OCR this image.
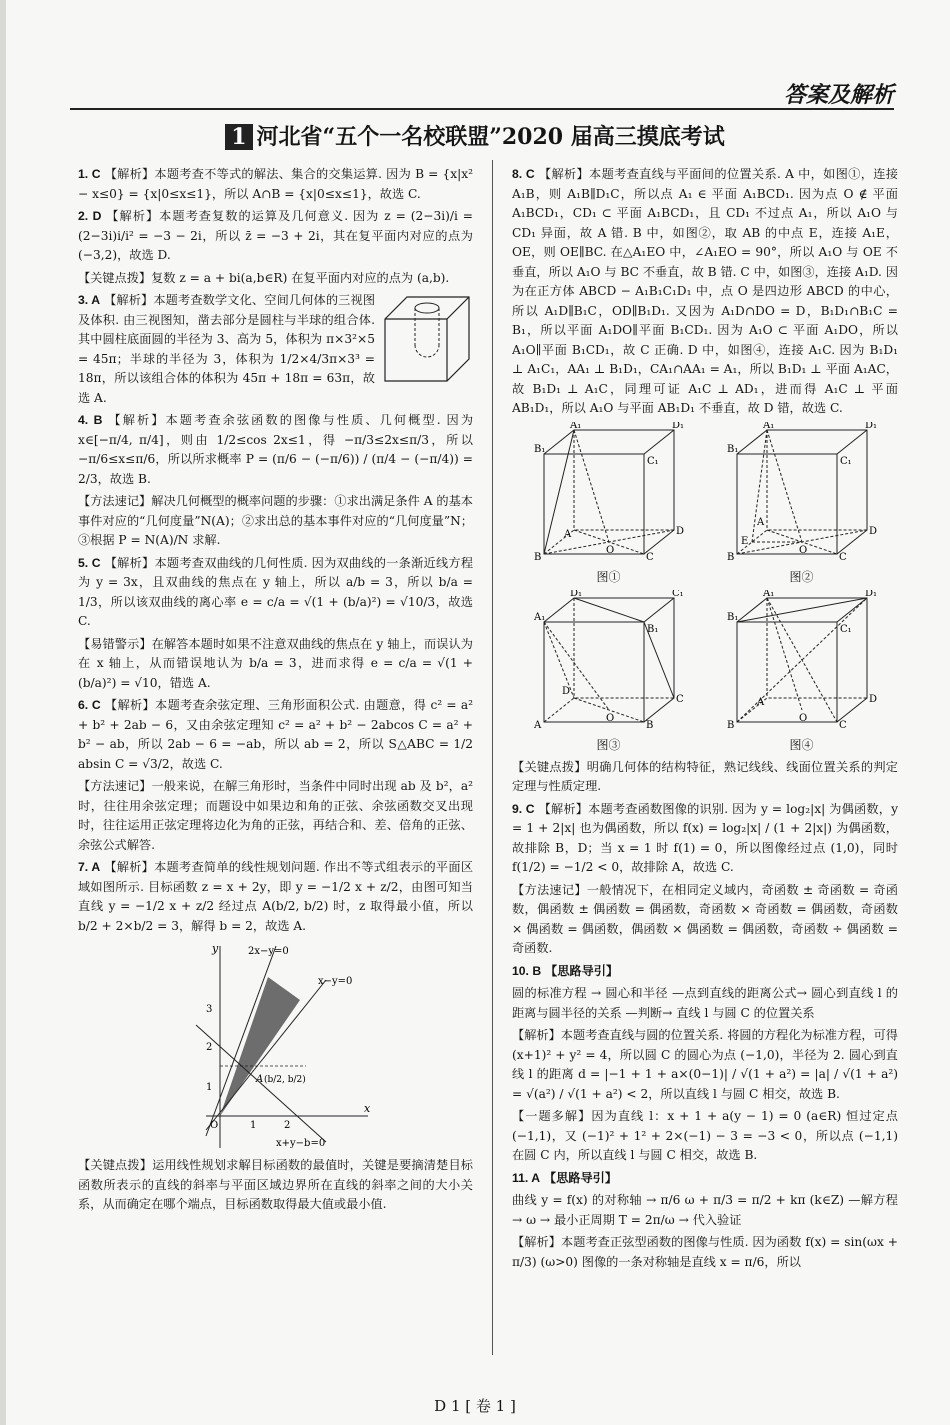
答案及解析
1 河北省“五个一名校联盟”2020 届高三摸底考试

1. C 【解析】本题考查不等式的解法、集合的交集运算. 因为 B = {x|x² − x≤0} = {x|0≤x≤1}，所以 A∩B = {x|0≤x≤1}，故选 C.

2. D 【解析】本题考查复数的运算及几何意义. 因为 z = (2−3i)/i = (2−3i)i/i² = −3 − 2i，所以 z̄ = −3 + 2i，其在复平面内对应的点为 (−3,2)，故选 D.

【关键点拨】复数 z = a + bi(a,b∈R) 在复平面内对应的点为 (a,b).

3. A 【解析】本题考查数学文化、空间几何体的三视图及体积. 由三视图知，凿去部分是圆柱与半球的组合体. 其中圆柱底面圆的半径为 3、高为 5，体积为 π×3²×5 = 45π；半球的半径为 3，体积为 1/2×4/3π×3³ = 18π，所以该组合体的体积为 45π + 18π = 63π，故选 A.

4. B 【解析】本题考查余弦函数的图像与性质、几何概型. 因为 x∈[−π/4, π/4]，则由 1/2≤cos 2x≤1，得 −π/3≤2x≤π/3，所以 −π/6≤x≤π/6，所以所求概率 P = (π/6 − (−π/6)) / (π/4 − (−π/4)) = 2/3，故选 B.

【方法速记】解决几何概型的概率问题的步骤：①求出满足条件 A 的基本事件对应的“几何度量”N(A)；②求出总的基本事件对应的“几何度量”N；③根据 P = N(A)/N 求解.

5. C 【解析】本题考查双曲线的几何性质. 因为双曲线的一条渐近线方程为 y = 3x，且双曲线的焦点在 y 轴上，所以 a/b = 3，所以 b/a = 1/3，所以该双曲线的离心率 e = c/a = √(1 + (b/a)²) = √10/3，故选 C.

【易错警示】在解答本题时如果不注意双曲线的焦点在 y 轴上，而误认为在 x 轴上，从而错误地认为 b/a = 3，进而求得 e = c/a = √(1 + (b/a)²) = √10，错选 A.

6. C 【解析】本题考查余弦定理、三角形面积公式. 由题意，得 c² = a² + b² + 2ab − 6，又由余弦定理知 c² = a² + b² − 2abcos C = a² + b² − ab，所以 2ab − 6 = −ab，所以 ab = 2，所以 S△ABC = 1/2 absin C = √3/2，故选 C.

【方法速记】一般来说，在解三角形时，当条件中同时出现 ab 及 b²，a² 时，往往用余弦定理；而题设中如果边和角的正弦、余弦函数交叉出现时，往往运用正弦定理将边化为角的正弦，再结合和、差、倍角的正弦、余弦公式解答.

7. A 【解析】本题考查简单的线性规划问题. 作出不等式组表示的平面区域如图所示. 目标函数 z = x + 2y，即 y = −1/2 x + z/2，由图可知当直线 y = −1/2 x + z/2 经过点 A(b/2, b/2) 时，z 取得最小值，所以 b/2 + 2×b/2 = 3，解得 b = 2，故选 A.

y
x
O	1	2
3
1
2
2x−y=0
x−y=0
x+y−b=0
A (b/2, b/2)

【关键点拨】运用线性规划求解目标函数的最值时，关键是要摘清楚目标函数所表示的直线的斜率与平面区域边界所在直线的斜率之间的大小关系，从而确定在哪个端点，目标函数取得最大值或最小值.

8. C 【解析】本题考查直线与平面间的位置关系. A 中，如图①，连接 A₁B，则 A₁B∥D₁C，所以点 A₁ ∈ 平面 A₁BCD₁. 因为点 O ∉ 平面 A₁BCD₁，CD₁ ⊂ 平面 A₁BCD₁，且 CD₁ 不过点 A₁，所以 A₁O 与 CD₁ 异面，故 A 错. B 中，如图②，取 AB 的中点 E，连接 A₁E，OE，则 OE∥BC. 在△A₁EO 中，∠A₁EO = 90°，所以 A₁O 与 OE 不垂直，所以 A₁O 与 BC 不垂直，故 B 错. C 中，如图③，连接 A₁D. 因为在正方体 ABCD − A₁B₁C₁D₁ 中，点 O 是四边形 ABCD 的中心，所以 A₁D∥B₁C，OD∥B₁D₁. 又因为 A₁D∩DO = D，B₁D₁∩B₁C = B₁，所以平面 A₁DO∥平面 B₁CD₁. 因为 A₁O ⊂ 平面 A₁DO，所以 A₁O∥平面 B₁CD₁，故 C 正确. D 中，如图④，连接 A₁C. 因为 B₁D₁ ⊥ A₁C₁，AA₁ ⊥ B₁D₁，CA₁∩AA₁ = A₁，所以 B₁D₁ ⊥ 平面 A₁AC，故 B₁D₁ ⊥ A₁C，同理可证 A₁C ⊥ AD₁，进而得 A₁C ⊥ 平面 AB₁D₁，所以 A₁O 与平面 AB₁D₁ 不垂直，故 D 错，故选 C.

A₁	D₁
B₁
C₁
D
O
A
B	C
图①
A₁	D₁
B₁
C₁
D
E
O
A
B	C
图②
D₁	C₁
A₁
B₁
D
C
O
A	B
图③
A₁	D₁
B₁
C₁
D
O
A
B	C
图④

【关键点拨】明确几何体的结构特征，熟记线线、线面位置关系的判定定理与性质定理.

9. C 【解析】本题考查函数图像的识别. 因为 y = log₂|x| 为偶函数，y = 1 + 2|x| 也为偶函数，所以 f(x) = log₂|x| / (1 + 2|x|) 为偶函数，故排除 B，D；当 x = 1 时 f(1) = 0，所以图像经过点 (1,0)，同时 f(1/2) = −1/2 < 0，故排除 A，故选 C.

【方法速记】一般情况下，在相同定义域内，奇函数 ± 奇函数 = 奇函数，偶函数 ± 偶函数 = 偶函数，奇函数 × 奇函数 = 偶函数，奇函数 × 偶函数 = 偶函数，偶函数 × 偶函数 = 偶函数，奇函数 ÷ 偶函数 = 奇函数.

10. B 【思路导引】

圆的标准方程 → 圆心和半径 —点到直线的距离公式→ 圆心到直线 l 的距离与圆半径的关系 —判断→ 直线 l 与圆 C 的位置关系

【解析】本题考查直线与圆的位置关系. 将圆的方程化为标准方程，可得 (x+1)² + y² = 4，所以圆 C 的圆心为点 (−1,0)，半径为 2. 圆心到直线 l 的距离 d = |−1 + 1 + a×(0−1)| / √(1 + a²) = |a| / √(1 + a²) = √(a²) / √(1 + a²) < 2，所以直线 l 与圆 C 相交，故选 B.

【一题多解】因为直线 l：x + 1 + a(y − 1) = 0 (a∈R) 恒过定点 (−1,1)，又 (−1)² + 1² + 2×(−1) − 3 = −3 < 0，所以点 (−1,1) 在圆 C 内，所以直线 l 与圆 C 相交，故选 B.

11. A 【思路导引】

曲线 y = f(x) 的对称轴 → π/6 ω + π/3 = π/2 + kπ (k∈Z) —解方程→ ω → 最小正周期 T = 2π/ω → 代入验证

【解析】本题考查正弦型函数的图像与性质. 因为函数 f(x) = sin(ωx + π/3) (ω>0) 图像的一条对称轴是直线 x = π/6，所以

D 1 [ 卷 1 ]
